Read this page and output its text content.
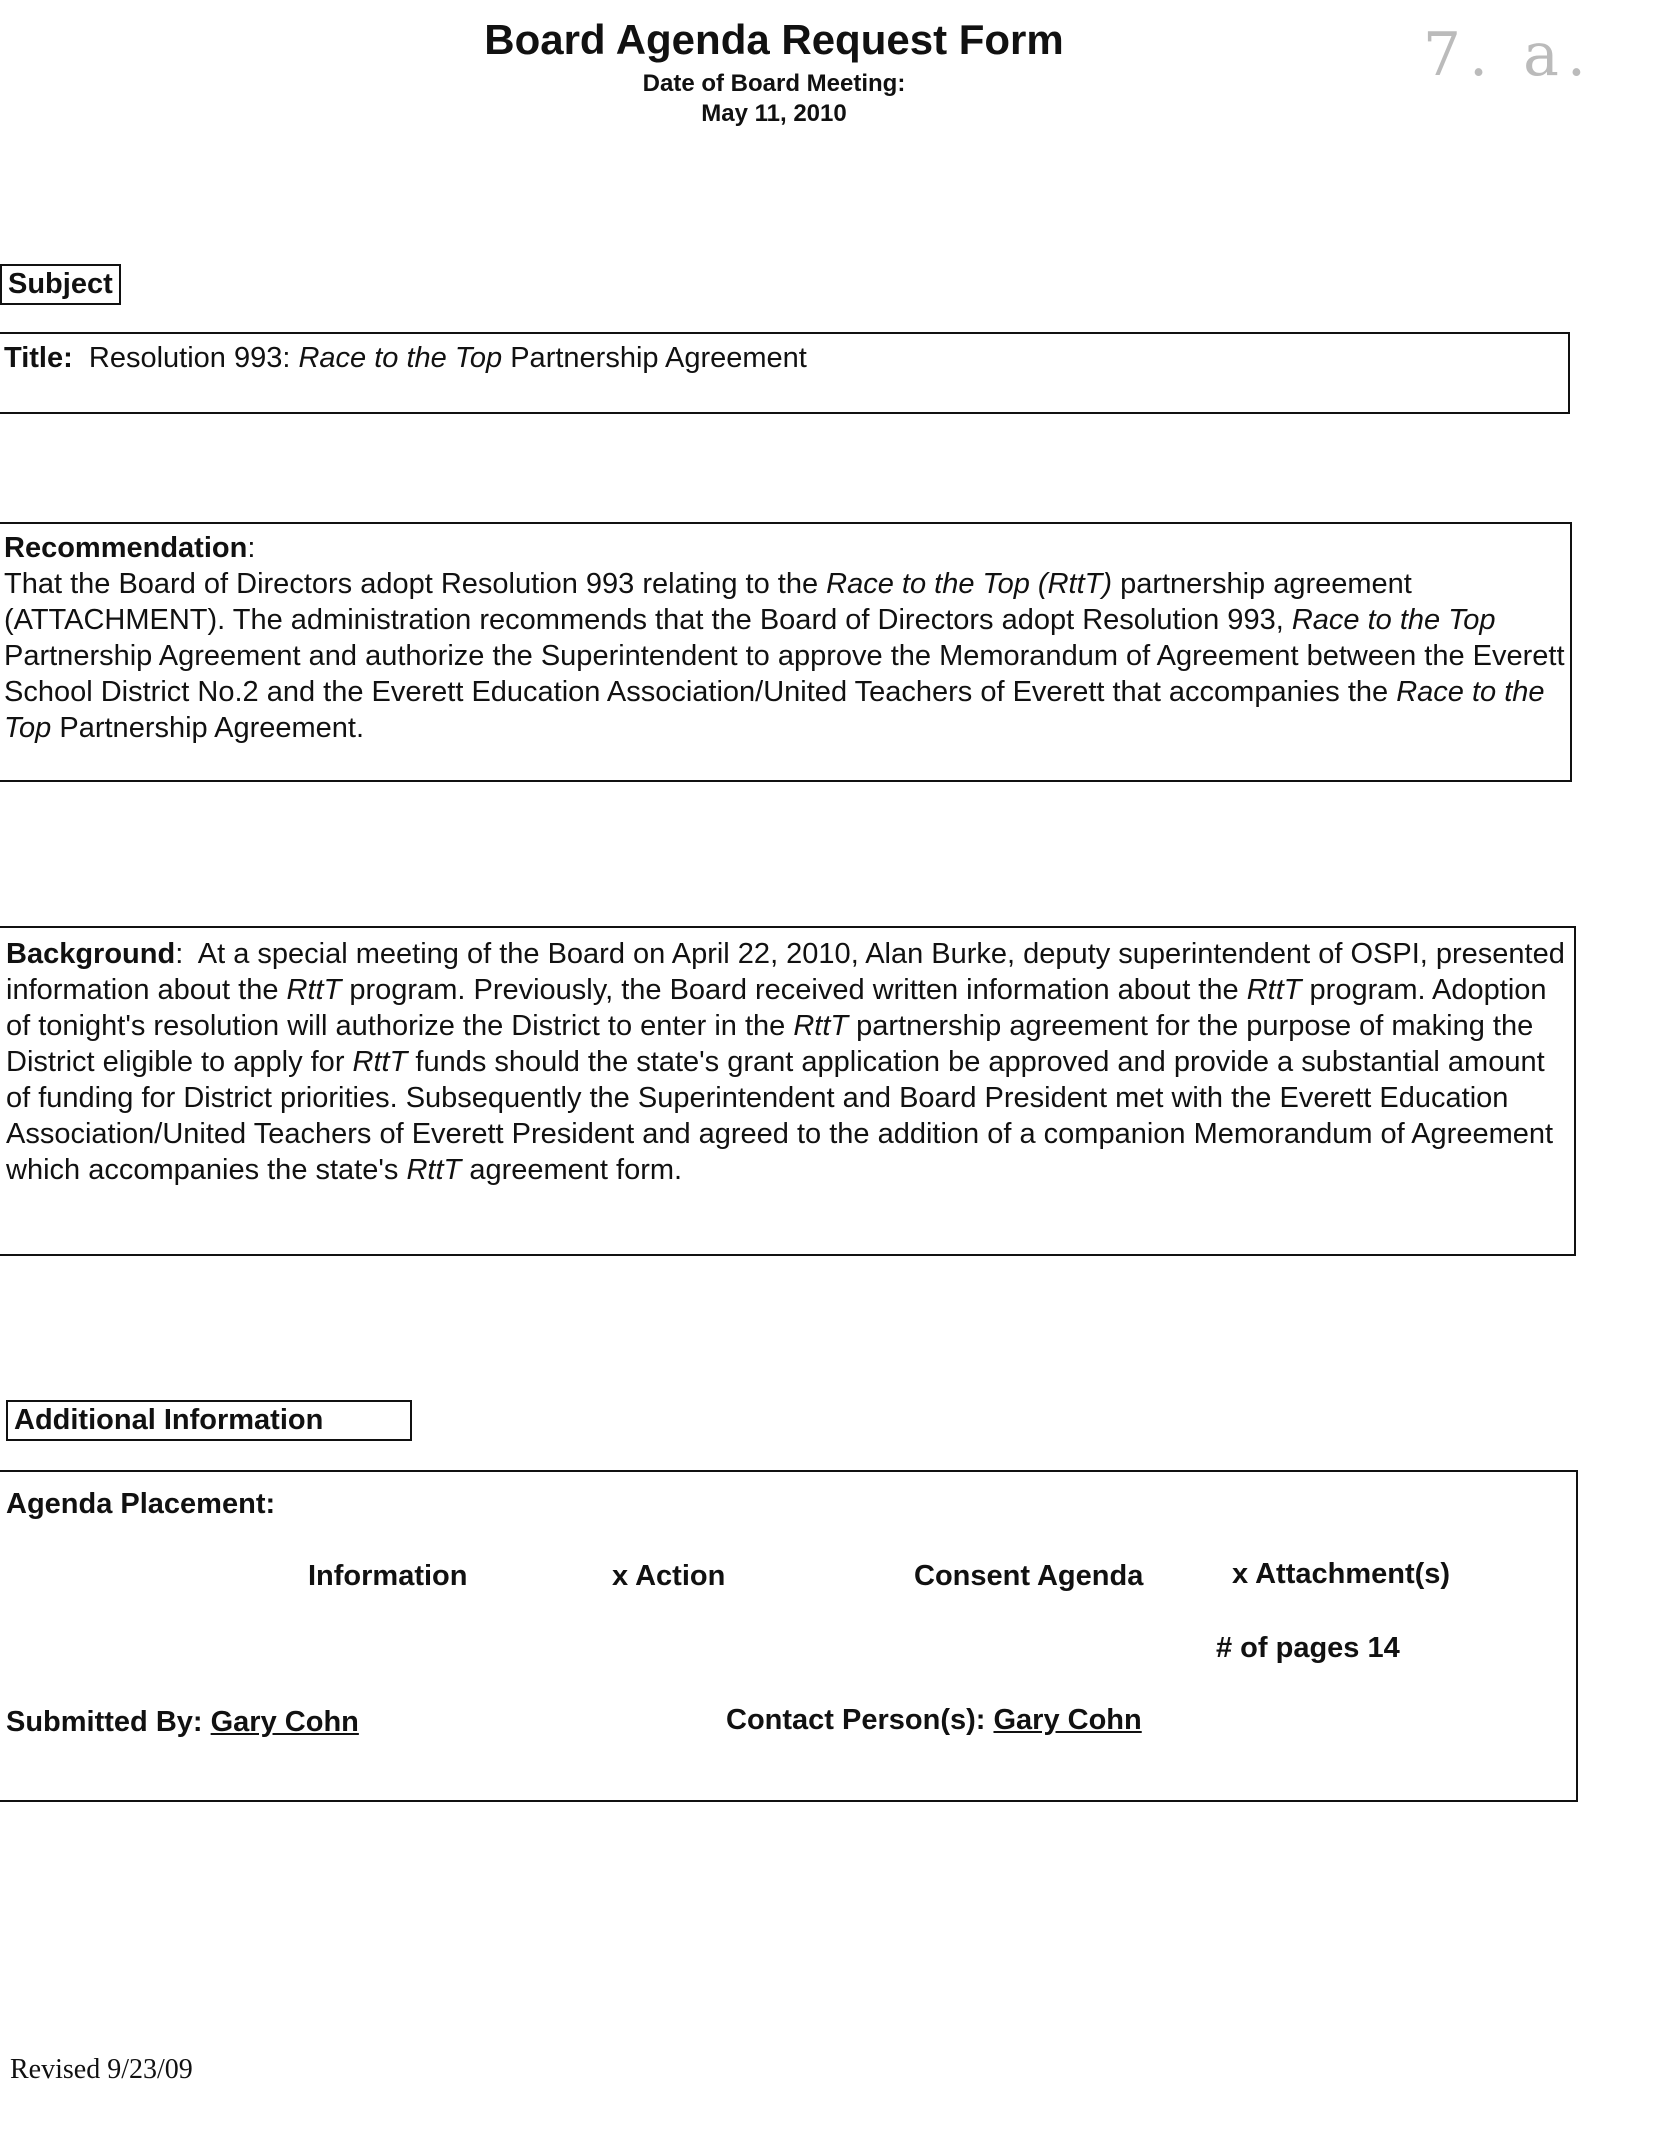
Board Agenda Request Form
Date of Board Meeting:
May 11, 2010
7. a.
Subject
Title: Resolution 993: Race to the Top Partnership Agreement
Recommendation:
That the Board of Directors adopt Resolution 993 relating to the Race to the Top (RttT) partnership agreement (ATTACHMENT). The administration recommends that the Board of Directors adopt Resolution 993, Race to the Top Partnership Agreement and authorize the Superintendent to approve the Memorandum of Agreement between the Everett School District No.2 and the Everett Education Association/United Teachers of Everett that accompanies the Race to the Top Partnership Agreement.
Background:  At a special meeting of the Board on April 22, 2010, Alan Burke, deputy superintendent of OSPI, presented information about the RttT program. Previously, the Board received written information about the RttT program. Adoption of tonight's resolution will authorize the District to enter in the RttT partnership agreement for the purpose of making the District eligible to apply for RttT funds should the state's grant application be approved and provide a substantial amount of funding for District priorities. Subsequently the Superintendent and Board President met with the Everett Education Association/United Teachers of Everett President and agreed to the addition of a companion Memorandum of Agreement which accompanies the state's RttT agreement form.
Additional Information
Agenda Placement:
Information	x Action	Consent Agenda	x Attachment(s)
# of pages 14
Submitted By: Gary Cohn	Contact Person(s): Gary Cohn
Revised 9/23/09
